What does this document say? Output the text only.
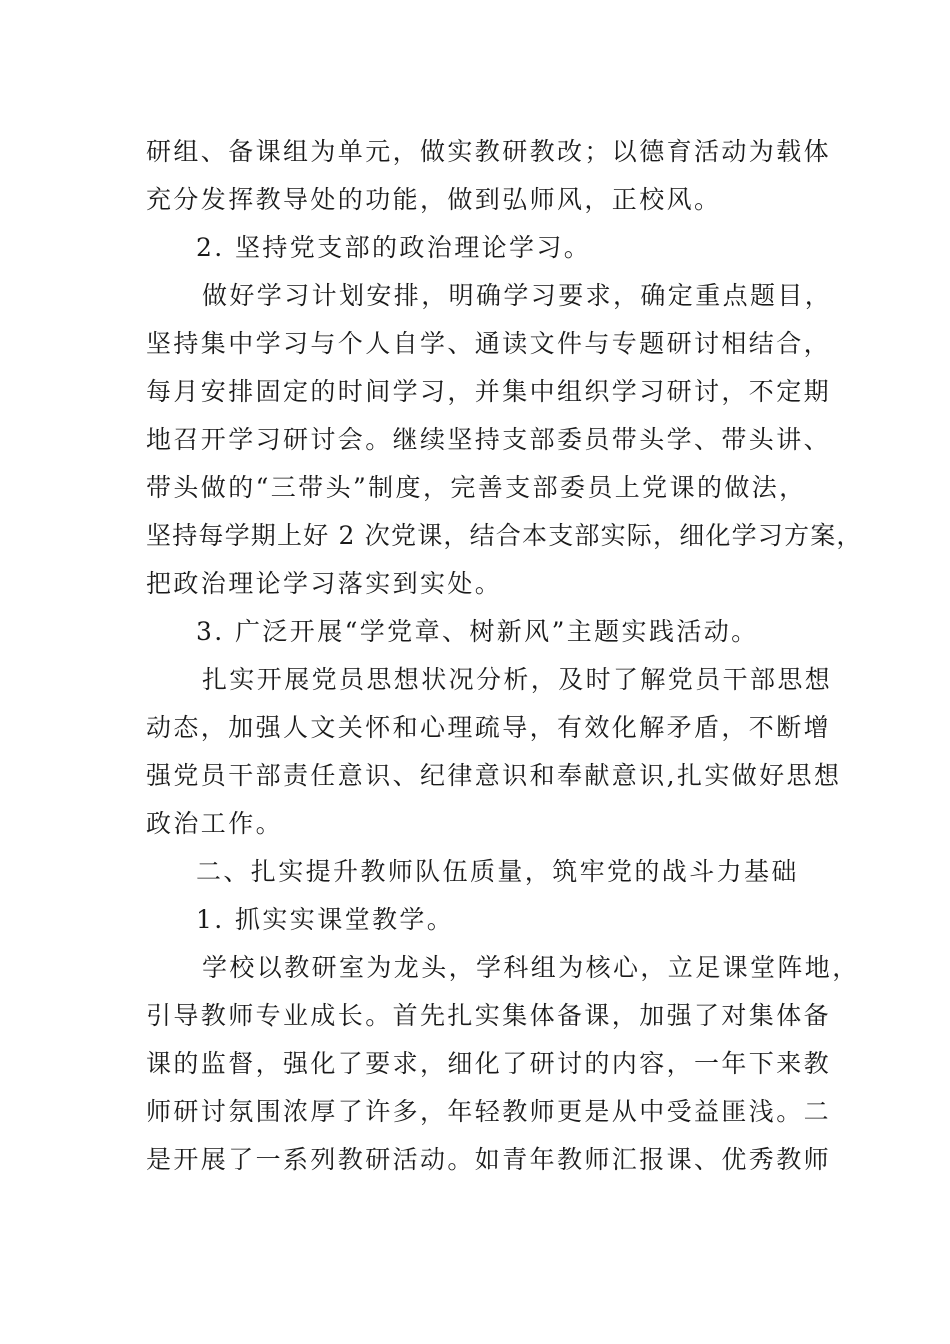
研组、备课组为单元，做实教研教改；以德育活动为载体

充分发挥教导处的功能，做到弘师风，正校风。

2. 坚持党支部的政治理论学习。

做好学习计划安排，明确学习要求，确定重点题目，

坚持集中学习与个人自学、通读文件与专题研讨相结合，

每月安排固定的时间学习，并集中组织学习研讨，不定期

地召开学习研讨会。继续坚持支部委员带头学、带头讲、

带头做的“三带头”制度，完善支部委员上党课的做法，

坚持每学期上好 2 次党课，结合本支部实际，细化学习方案，

把政治理论学习落实到实处。

3. 广泛开展“学党章、树新风”主题实践活动。

扎实开展党员思想状况分析，及时了解党员干部思想

动态，加强人文关怀和心理疏导，有效化解矛盾，不断增

强党员干部责任意识、纪律意识和奉献意识,扎实做好思想

政治工作。

二、扎实提升教师队伍质量，筑牢党的战斗力基础

1. 抓实实课堂教学。

学校以教研室为龙头，学科组为核心，立足课堂阵地，

引导教师专业成长。首先扎实集体备课，加强了对集体备

课的监督，强化了要求，细化了研讨的内容，一年下来教

师研讨氛围浓厚了许多，年轻教师更是从中受益匪浅。二

是开展了一系列教研活动。如青年教师汇报课、优秀教师
